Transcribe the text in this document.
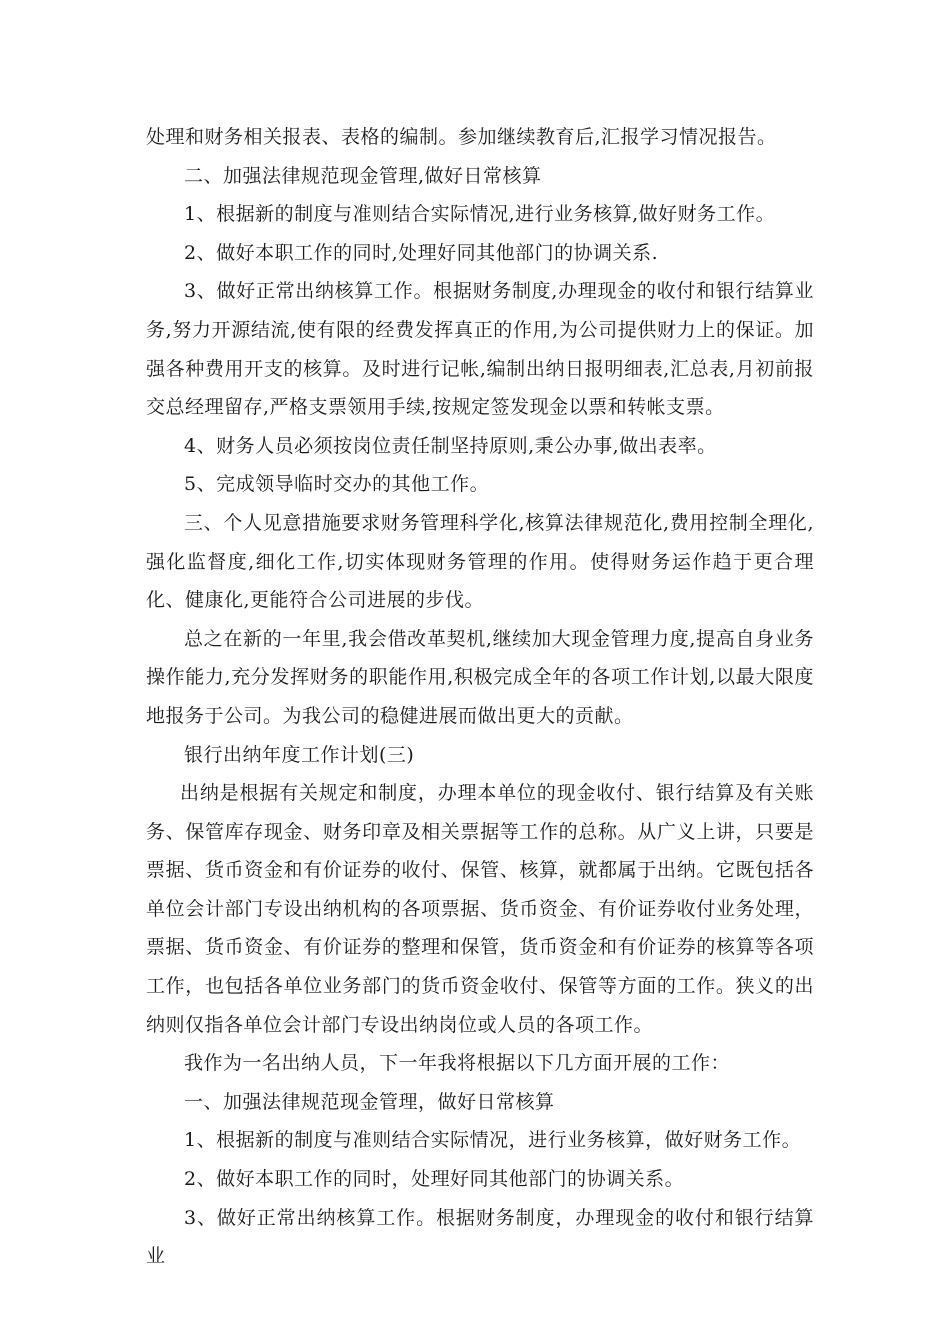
处理和财务相关报表、表格的编制。参加继续教育后,汇报学习情况报告。

二、加强法律规范现金管理,做好日常核算

1、根据新的制度与准则结合实际情况,进行业务核算,做好财务工作。

2、做好本职工作的同时,处理好同其他部门的协调关系.

3、做好正常出纳核算工作。根据财务制度,办理现金的收付和银行结算业务,努力开源结流,使有限的经费发挥真正的作用,为公司提供财力上的保证。加强各种费用开支的核算。及时进行记帐,编制出纳日报明细表,汇总表,月初前报交总经理留存,严格支票领用手续,按规定签发现金以票和转帐支票。

4、财务人员必须按岗位责任制坚持原则,秉公办事,做出表率。

5、完成领导临时交办的其他工作。

三、个人见意措施要求财务管理科学化,核算法律规范化,费用控制全理化,强化监督度,细化工作,切实体现财务管理的作用。使得财务运作趋于更合理化、健康化,更能符合公司进展的步伐。

总之在新的一年里,我会借改革契机,继续加大现金管理力度,提高自身业务操作能力,充分发挥财务的职能作用,积极完成全年的各项工作计划,以最大限度地报务于公司。为我公司的稳健进展而做出更大的贡献。

银行出纳年度工作计划(三)

出纳是根据有关规定和制度，办理本单位的现金收付、银行结算及有关账务、保管库存现金、财务印章及相关票据等工作的总称。从广义上讲，只要是票据、货币资金和有价证券的收付、保管、核算，就都属于出纳。它既包括各单位会计部门专设出纳机构的各项票据、货币资金、有价证券收付业务处理，票据、货币资金、有价证券的整理和保管，货币资金和有价证券的核算等各项工作，也包括各单位业务部门的货币资金收付、保管等方面的工作。狭义的出纳则仅指各单位会计部门专设出纳岗位或人员的各项工作。

我作为一名出纳人员，下一年我将根据以下几方面开展的工作：

一、加强法律规范现金管理，做好日常核算

1、根据新的制度与准则结合实际情况，进行业务核算，做好财务工作。

2、做好本职工作的同时，处理好同其他部门的协调关系。

3、做好正常出纳核算工作。根据财务制度，办理现金的收付和银行结算业
